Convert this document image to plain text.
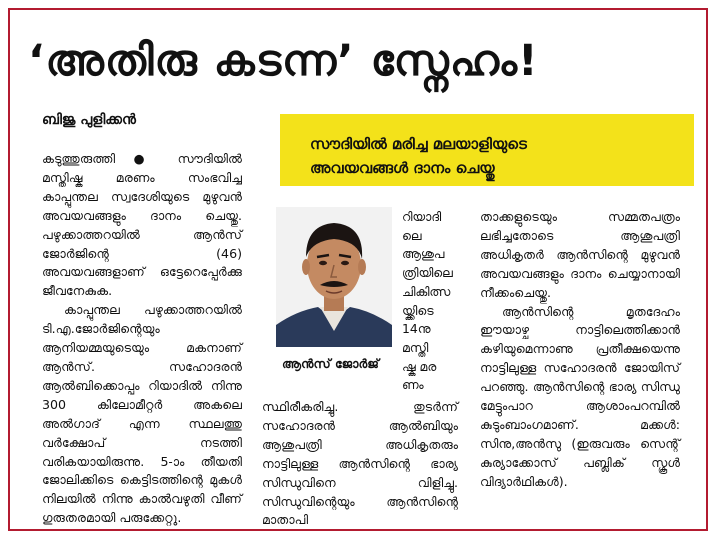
‘അതിരു കടന്ന’ സ്നേഹം!
ബിജു പുളിക്കൻ
സൗദിയിൽ മരിച്ച മലയാളിയുടെ
അവയവങ്ങൾ ദാനം ചെയ്തു

കടുത്തുരുത്തി ● സൗദിയിൽ മസ്തിഷ്ക മരണം സംഭവിച്ച കാപ്പുന്തല സ്വദേശിയുടെ മുഴുവൻ അവയവങ്ങളും ദാനം ചെയ്തു. പഴുക്കാത്തറയിൽ ആൻസ് ജോർജിന്റെ (46) അവയവങ്ങളാണ് ഒട്ടേറെപ്പേർക്കു ജീവനേകുക.

കാപ്പുന്തല പഴുക്കാത്തറയിൽ ടി.എ.ജോർജിന്റെയും ആനിയമ്മയുടെയും മകനാണ് ആൻസ്. സഹോദരൻ ആൽബിക്കൊപ്പം റിയാദിൽ നിന്നു 300 കിലോമീറ്റർ അകലെ അൽഗാദ് എന്ന സ്ഥലത്തു വർക്ഷോപ് നടത്തി വരികയായിരുന്നു. 5-ാം തീയതി ജോലിക്കിടെ കെട്ടിടത്തിന്റെ മുകൾ നിലയിൽ നിന്നു കാൽവഴുതി വീണ് ഗുരുതരമായി പരുക്കേറ്റു.

ആൻസ് ജോർജ്
റിയാദി
ലെ
ആശുപ
ത്രിയിലെ
ചികിത്സ
യ്ക്കിടെ
14നു
മസ്തി
ഷ്ക മര
ണം

സ്ഥിരീകരിച്ചു. തുടർന്ന് സഹോദരൻ ആൽബിയും ആശുപത്രി അധികൃതരും നാട്ടിലുള്ള ആൻസിന്റെ ഭാര്യ സിന്ധുവിനെ വിളിച്ചു. സിന്ധുവിന്റെയും ആൻസിന്റെ മാതാപി

താക്കളുടെയും സമ്മതപത്രം ലഭിച്ചതോടെ ആശുപത്രി അധികൃതർ ആൻസിന്റെ മുഴുവൻ അവയവങ്ങളും ദാനം ചെയ്യാനായി നീക്കംചെയ്തു.

ആൻസിന്റെ മൃതദേഹം ഈയാഴ്ച നാട്ടിലെത്തിക്കാൻ കഴിയുമെന്നാണു പ്രതീക്ഷയെന്നു നാട്ടിലുള്ള സഹോദരൻ ജോയിസ് പറഞ്ഞു. ആൻസിന്റെ ഭാര്യ സിന്ധു മേട്ടുംപാറ ആശാംപറമ്പിൽ കുടുംബാംഗമാണ്. മക്കൾ: സിനു,അൻസു (ഇരുവരും സെന്റ് കുര്യാക്കോസ് പബ്ലിക് സ്കൂൾ വിദ്യാർഥികൾ).
